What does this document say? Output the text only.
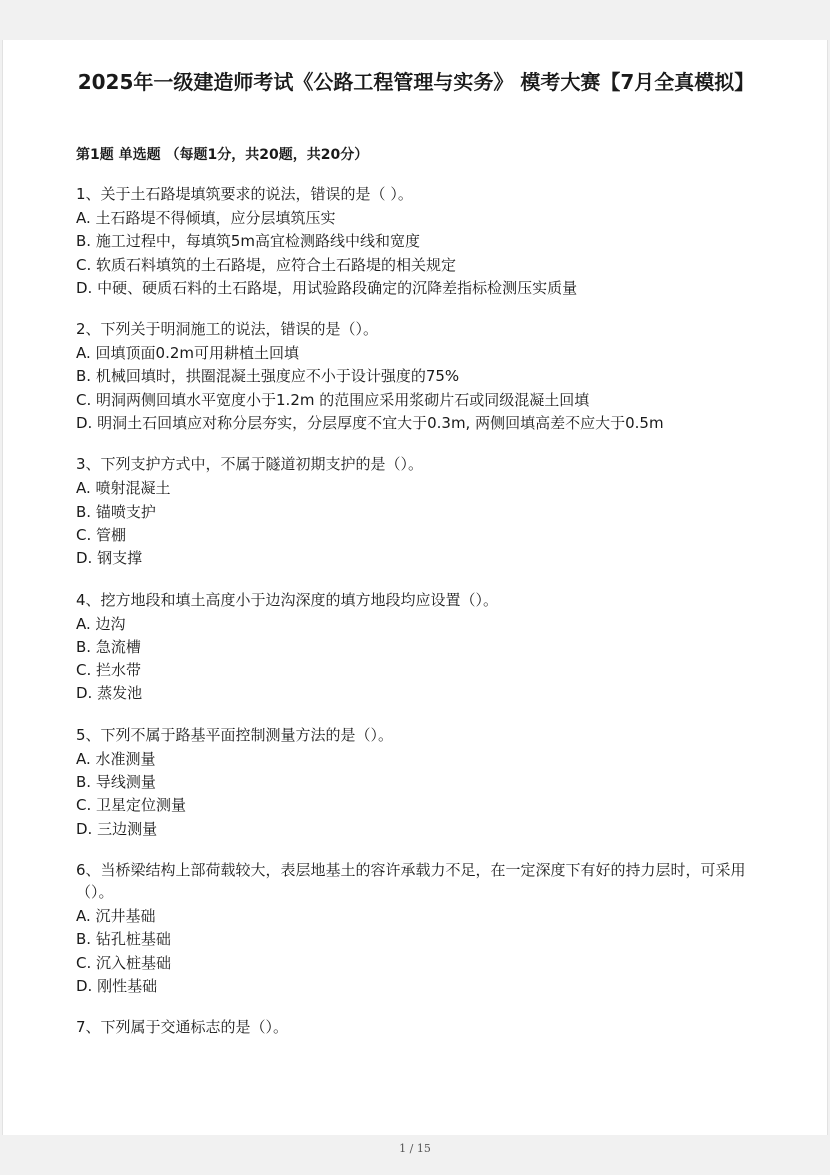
2025年一级建造师考试《公路工程管理与实务》 模考大赛【7月全真模拟】

第1题 单选题 （每题1分，共20题，共20分）

1、关于土石路堤填筑要求的说法，错误的是（ ）。

A. 土石路堤不得倾填，应分层填筑压实

B. 施工过程中，每填筑5m高宜检测路线中线和宽度

C. 软质石料填筑的土石路堤，应符合土石路堤的相关规定

D. 中硬、硬质石料的土石路堤，用试验路段确定的沉降差指标检测压实质量

2、下列关于明洞施工的说法，错误的是（）。

A. 回填顶面0.2m可用耕植土回填

B. 机械回填时，拱圈混凝土强度应不小于设计强度的75%

C. 明洞两侧回填水平宽度小于1.2m 的范围应采用浆砌片石或同级混凝土回填

D. 明洞土石回填应对称分层夯实，分层厚度不宜大于0.3m, 两侧回填高差不应大于0.5m

3、下列支护方式中，不属于隧道初期支护的是（）。

A. 喷射混凝土

B. 锚喷支护

C. 管棚

D. 钢支撑

4、挖方地段和填土高度小于边沟深度的填方地段均应设置（）。

A. 边沟

B. 急流槽

C. 拦水带

D. 蒸发池

5、下列不属于路基平面控制测量方法的是（）。

A. 水准测量

B. 导线测量

C. 卫星定位测量

D. 三边测量

6、当桥梁结构上部荷载较大，表层地基土的容许承载力不足，在一定深度下有好的持力层时，可采用（）。

A. 沉井基础

B. 钻孔桩基础

C. 沉入桩基础

D. 刚性基础

7、下列属于交通标志的是（）。

1 / 15
